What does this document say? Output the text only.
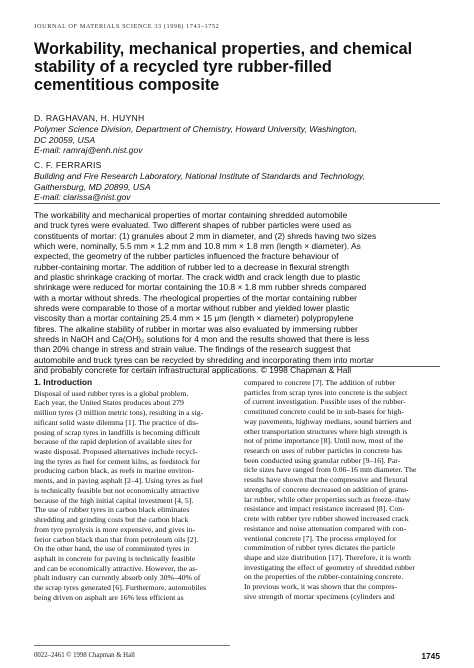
JOURNAL OF MATERIALS SCIENCE 33 (1998) 1743–1752
Workability, mechanical properties, and chemical
stability of a recycled tyre rubber-filled
cementitious composite
D. RAGHAVAN, H. HUYNH
Polymer Science Division, Department of Chemistry, Howard University, Washington,
DC 20059, USA
E-mail: ramraj@enh.nist.gov
C. F. FERRARIS
Building and Fire Research Laboratory, National Institute of Standards and Technology,
Gaithersburg, MD 20899, USA
E-mail: clarissa@nist.gov
The workability and mechanical properties of mortar containing shredded automobile
and truck tyres were evaluated. Two different shapes of rubber particles were used as
constituents of mortar: (1) granules about 2 mm in diameter, and (2) shreds having two sizes
which were, nominally, 5.5 mm × 1.2 mm and 10.8 mm × 1.8 mm (length × diameter). As
expected, the geometry of the rubber particles influenced the fracture behaviour of
rubber-containing mortar. The addition of rubber led to a decrease in flexural strength
and plastic shrinkage cracking of mortar. The crack width and crack length due to plastic
shrinkage were reduced for mortar containing the 10.8 × 1.8 mm rubber shreds compared
with a mortar without shreds. The rheological properties of the mortar containing rubber
shreds were comparable to those of a mortar without rubber and yielded lower plastic
viscosity than a mortar containing 25.4 mm × 15 μm (length × diameter) polypropylene
fibres. The alkaline stability of rubber in mortar was also evaluated by immersing rubber
shreds in NaOH and Ca(OH)₂ solutions for 4 mon and the results showed that there is less
than 20% change in stress and strain value. The findings of the research suggest that
automobile and truck tyres can be recycled by shredding and incorporating them into mortar
and probably concrete for certain infrastructural applications. © 1998 Chapman & Hall
1. Introduction
Disposal of used rubber tyres is a global problem.
Each year, the United States produces about 279
million tyres (3 million metric tons), resulting in a sig-
nificant solid waste dilemma [1]. The practice of dis-
posing of scrap tyres in landfills is becoming difficult
because of the rapid depletion of available sites for
waste disposal. Proposed alternatives include recycl-
ing the tyres as fuel for cement kilns, as feedstock for
producing carbon black, as reefs in marine environ-
ments, and in paving asphalt [2–4]. Using tyres as fuel
is technically feasible but not economically attractive
because of the high initial capital investment [4, 5].
The use of rubber tyres in carbon black eliminates
shredding and grinding costs but the carbon black
from tyre pyrolysis is more expensive, and gives in-
ferior carbon black than that from petroleum oils [2].
On the other hand, the use of comminuted tyres in
asphalt in concrete for paving is technically feasible
and can be economically attractive. However, the as-
phalt industry can currently absorb only 30%–40% of
the scrap tyres generated [6]. Furthermore, automobiles
being driven on asphalt are 16% less efficient as
compared to concrete [7]. The addition of rubber
particles from scrap tyres into concrete is the subject
of current investigation. Possible uses of the rubber-
constituted concrete could be in sub-bases for high-
way pavements, highway medians, sound barriers and
other transportation structures where high strength is
not of prime importance [8]. Until now, most of the
research on uses of rubber particles in concrete has
been conducted using granular rubber [9–16]. Par-
ticle sizes have ranged from 0.06–16 mm diameter. The
results have shown that the compressive and flexural
strengths of concrete decreased on addition of granu-
lar rubber, while other properties such as freeze–thaw
resistance and impact resistance increased [8]. Con-
crete with rubber tyre rubber showed increased crack
resistance and noise attenuation compared with con-
ventional concrete [7]. The process employed for
comminution of rubber tyres dictates the particle
shape and size distribution [17]. Therefore, it is worth
investigating the effect of geometry of shredded rubber
on the properties of the rubber-containing concrete.
In previous work, it was shown that the compres-
sive strength of mortar specimens (cylinders and
0022–2461 © 1998 Chapman & Hall	1745
